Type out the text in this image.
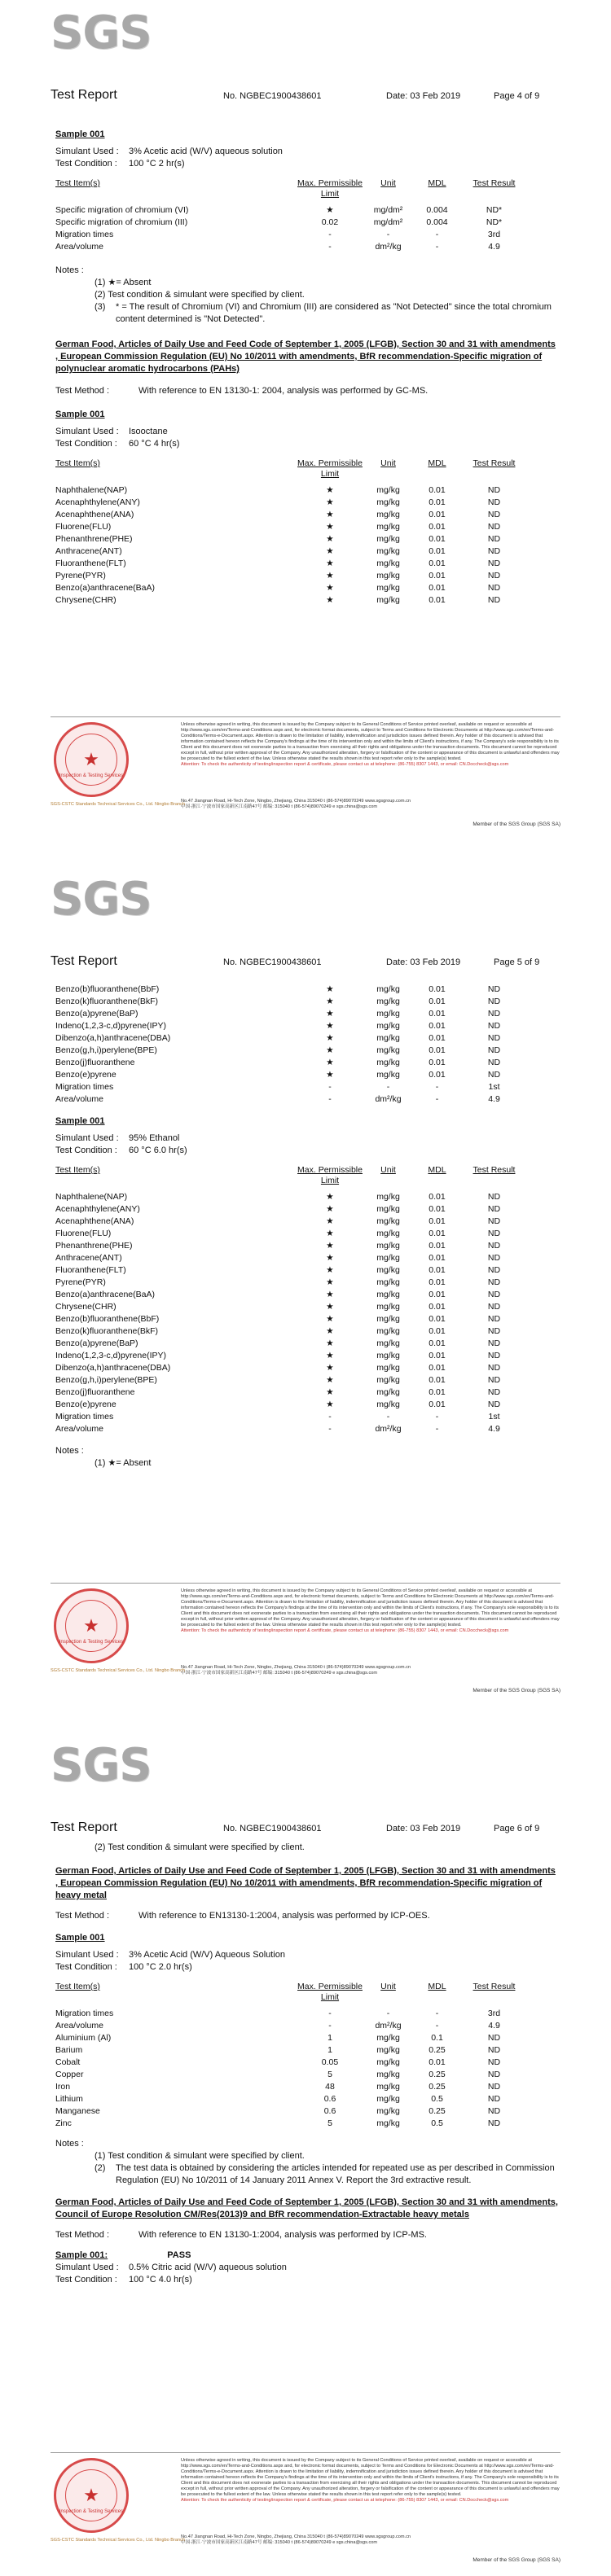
SGS
Test Report	No. NGBEC1900438601	Date: 03 Feb 2019	Page 4 of 9
Sample 001
Simulant Used :	3% Acetic acid (W/V) aqueous solution
Test Condition :	100 °C 2 hr(s)
Test Item(s)	Max. Permissible Limit	Unit	MDL	Test Result

Specific migration of chromium (VI)	★	mg/dm²	0.004	ND*
Specific migration of chromium (III)	0.02	mg/dm²	0.004	ND*
Migration times	-	-	-	3rd
Area/volume	-	dm²/kg	-	4.9
Notes :
(1) ★= Absent
(2) Test condition & simulant were specified by client.
(3)	* = The result of Chromium (VI) and Chromium (III) are considered as "Not Detected" since the total chromium content determined is "Not Detected".
German Food, Articles of Daily Use and Feed Code of September 1, 2005 (LFGB), Section 30 and 31 with amendments , European Commission Regulation (EU) No 10/2011 with amendments, BfR recommendation-Specific migration of polynuclear aromatic hydrocarbons (PAHs)
Test Method :	With reference to EN 13130-1: 2004, analysis was performed by GC-MS.
Sample 001
Simulant Used :	Isooctane
Test Condition :	60 °C 4 hr(s)
Test Item(s)	Max. Permissible Limit	Unit	MDL	Test Result

Naphthalene(NAP)	★	mg/kg	0.01	ND
Acenaphthylene(ANY)	★	mg/kg	0.01	ND
Acenaphthene(ANA)	★	mg/kg	0.01	ND
Fluorene(FLU)	★	mg/kg	0.01	ND
Phenanthrene(PHE)	★	mg/kg	0.01	ND
Anthracene(ANT)	★	mg/kg	0.01	ND
Fluoranthene(FLT)	★	mg/kg	0.01	ND
Pyrene(PYR)	★	mg/kg	0.01	ND
Benzo(a)anthracene(BaA)	★	mg/kg	0.01	ND
Chrysene(CHR)	★	mg/kg	0.01	ND
★
Inspection & Testing Services
Unless otherwise agreed in writing, this document is issued by the Company subject to its General Conditions of Service printed overleaf, available on request or accessible at http://www.sgs.com/en/Terms-and-Conditions.aspx and, for electronic format documents, subject to Terms and Conditions for Electronic Documents at http://www.sgs.com/en/Terms-and-Conditions/Terms-e-Document.aspx. Attention is drawn to the limitation of liability, indemnification and jurisdiction issues defined therein. Any holder of this document is advised that information contained hereon reflects the Company's findings at the time of its intervention only and within the limits of Client's instructions, if any. The Company's sole responsibility is to its Client and this document does not exonerate parties to a transaction from exercising all their rights and obligations under the transaction documents. This document cannot be reproduced except in full, without prior written approval of the Company. Any unauthorized alteration, forgery or falsification of the content or appearance of this document is unlawful and offenders may be prosecuted to the fullest extent of the law. Unless otherwise stated the results shown in this test report refer only to the sample(s) tested.
Attention: To check the authenticity of testing/inspection report & certificate, please contact us at telephone: (86-755) 8307 1443, or email: CN.Doccheck@sgs.com
No.47 Jiangnan Road, Hi-Tech Zone, Ningbo, Zhejiang, China 315040 t (86-574)89070249 www.sgsgroup.com.cn
中国·浙江·宁波市国家高新区江南路47号 邮编: 315040 t (86-574)89070249 e sgs.china@sgs.com
SGS-CSTC Standards Technical Services Co., Ltd. Ningbo Branch
Member of the SGS Group (SGS SA)
SGS
Test Report	No. NGBEC1900438601	Date: 03 Feb 2019	Page 5 of 9
Benzo(b)fluoranthene(BbF)	★	mg/kg	0.01	ND
Benzo(k)fluoranthene(BkF)	★	mg/kg	0.01	ND
Benzo(a)pyrene(BaP)	★	mg/kg	0.01	ND
Indeno(1,2,3-c,d)pyrene(IPY)	★	mg/kg	0.01	ND
Dibenzo(a,h)anthracene(DBA)	★	mg/kg	0.01	ND
Benzo(g,h,i)perylene(BPE)	★	mg/kg	0.01	ND
Benzo(j)fluoranthene	★	mg/kg	0.01	ND
Benzo(e)pyrene	★	mg/kg	0.01	ND
Migration times	-	-	-	1st
Area/volume	-	dm²/kg	-	4.9
Sample 001
Simulant Used :	95% Ethanol
Test Condition :	60 °C 6.0 hr(s)
Test Item(s)	Max. Permissible Limit	Unit	MDL	Test Result

Naphthalene(NAP)	★	mg/kg	0.01	ND
Acenaphthylene(ANY)	★	mg/kg	0.01	ND
Acenaphthene(ANA)	★	mg/kg	0.01	ND
Fluorene(FLU)	★	mg/kg	0.01	ND
Phenanthrene(PHE)	★	mg/kg	0.01	ND
Anthracene(ANT)	★	mg/kg	0.01	ND
Fluoranthene(FLT)	★	mg/kg	0.01	ND
Pyrene(PYR)	★	mg/kg	0.01	ND
Benzo(a)anthracene(BaA)	★	mg/kg	0.01	ND
Chrysene(CHR)	★	mg/kg	0.01	ND
Benzo(b)fluoranthene(BbF)	★	mg/kg	0.01	ND
Benzo(k)fluoranthene(BkF)	★	mg/kg	0.01	ND
Benzo(a)pyrene(BaP)	★	mg/kg	0.01	ND
Indeno(1,2,3-c,d)pyrene(IPY)	★	mg/kg	0.01	ND
Dibenzo(a,h)anthracene(DBA)	★	mg/kg	0.01	ND
Benzo(g,h,i)perylene(BPE)	★	mg/kg	0.01	ND
Benzo(j)fluoranthene	★	mg/kg	0.01	ND
Benzo(e)pyrene	★	mg/kg	0.01	ND
Migration times	-	-	-	1st
Area/volume	-	dm²/kg	-	4.9
Notes :
(1) ★= Absent
★
Inspection & Testing Services
Unless otherwise agreed in writing, this document is issued by the Company subject to its General Conditions of Service printed overleaf, available on request or accessible at http://www.sgs.com/en/Terms-and-Conditions.aspx and, for electronic format documents, subject to Terms and Conditions for Electronic Documents at http://www.sgs.com/en/Terms-and-Conditions/Terms-e-Document.aspx. Attention is drawn to the limitation of liability, indemnification and jurisdiction issues defined therein. Any holder of this document is advised that information contained hereon reflects the Company's findings at the time of its intervention only and within the limits of Client's instructions, if any. The Company's sole responsibility is to its Client and this document does not exonerate parties to a transaction from exercising all their rights and obligations under the transaction documents. This document cannot be reproduced except in full, without prior written approval of the Company. Any unauthorized alteration, forgery or falsification of the content or appearance of this document is unlawful and offenders may be prosecuted to the fullest extent of the law. Unless otherwise stated the results shown in this test report refer only to the sample(s) tested.
Attention: To check the authenticity of testing/inspection report & certificate, please contact us at telephone: (86-755) 8307 1443, or email: CN.Doccheck@sgs.com
No.47 Jiangnan Road, Hi-Tech Zone, Ningbo, Zhejiang, China 315040 t (86-574)89070249 www.sgsgroup.com.cn
中国·浙江·宁波市国家高新区江南路47号 邮编: 315040 t (86-574)89070249 e sgs.china@sgs.com
SGS-CSTC Standards Technical Services Co., Ltd. Ningbo Branch
Member of the SGS Group (SGS SA)
SGS
Test Report	No. NGBEC1900438601	Date: 03 Feb 2019	Page 6 of 9
(2) Test condition & simulant were specified by client.
German Food, Articles of Daily Use and Feed Code of September 1, 2005 (LFGB), Section 30 and 31 with amendments , European Commission Regulation (EU) No 10/2011 with amendments, BfR recommendation-Specific migration of heavy metal
Test Method :	With reference to EN13130-1:2004, analysis was performed by ICP-OES.
Sample 001
Simulant Used :	3% Acetic Acid (W/V) Aqueous Solution
Test Condition :	100 °C 2.0 hr(s)
Test Item(s)	Max. Permissible Limit	Unit	MDL	Test Result

Migration times	-	-	-	3rd
Area/volume	-	dm²/kg	-	4.9
Aluminium (Al)	1	mg/kg	0.1	ND
Barium	1	mg/kg	0.25	ND
Cobalt	0.05	mg/kg	0.01	ND
Copper	5	mg/kg	0.25	ND
Iron	48	mg/kg	0.25	ND
Lithium	0.6	mg/kg	0.5	ND
Manganese	0.6	mg/kg	0.25	ND
Zinc	5	mg/kg	0.5	ND
Notes :
(1) Test condition & simulant were specified by client.
(2)	The test data is obtained by considering the articles intended for repeated use as per described in Commission Regulation (EU) No 10/2011 of 14 January 2011 Annex V. Report the 3rd extractive result.
German Food, Articles of Daily Use and Feed Code of September 1, 2005 (LFGB), Section 30 and 31 with amendments, Council of Europe Resolution CM/Res(2013)9 and BfR recommendation-Extractable heavy metals
Test Method :	With reference to EN 13130-1:2004, analysis was performed by ICP-MS.
Sample 001:	PASS
Simulant Used :	0.5% Citric acid (W/V) aqueous solution
Test Condition :	100 °C 4.0 hr(s)
★
Inspection & Testing Services
Unless otherwise agreed in writing, this document is issued by the Company subject to its General Conditions of Service printed overleaf, available on request or accessible at http://www.sgs.com/en/Terms-and-Conditions.aspx and, for electronic format documents, subject to Terms and Conditions for Electronic Documents at http://www.sgs.com/en/Terms-and-Conditions/Terms-e-Document.aspx. Attention is drawn to the limitation of liability, indemnification and jurisdiction issues defined therein. Any holder of this document is advised that information contained hereon reflects the Company's findings at the time of its intervention only and within the limits of Client's instructions, if any. The Company's sole responsibility is to its Client and this document does not exonerate parties to a transaction from exercising all their rights and obligations under the transaction documents. This document cannot be reproduced except in full, without prior written approval of the Company. Any unauthorized alteration, forgery or falsification of the content or appearance of this document is unlawful and offenders may be prosecuted to the fullest extent of the law. Unless otherwise stated the results shown in this test report refer only to the sample(s) tested.
Attention: To check the authenticity of testing/inspection report & certificate, please contact us at telephone: (86-755) 8307 1443, or email: CN.Doccheck@sgs.com
No.47 Jiangnan Road, Hi-Tech Zone, Ningbo, Zhejiang, China 315040 t (86-574)89070249 www.sgsgroup.com.cn
中国·浙江·宁波市国家高新区江南路47号 邮编: 315040 t (86-574)89070249 e sgs.china@sgs.com
SGS-CSTC Standards Technical Services Co., Ltd. Ningbo Branch
Member of the SGS Group (SGS SA)
